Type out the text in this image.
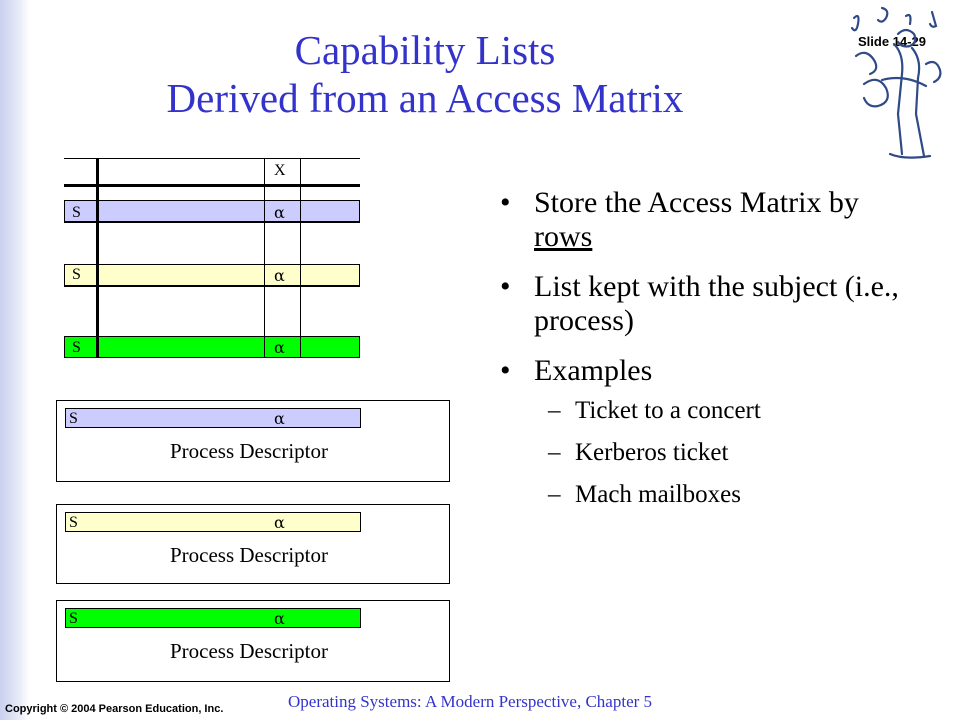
Slide 14-29
Capability Lists
Derived from an Access Matrix
X
S	α
S	α
S	α
S	α
Process Descriptor
S	α
Process Descriptor
S	α
Process Descriptor
• Store the Access Matrix by rows
• List kept with the subject (i.e., process)
• Examples
– Ticket to a concert
– Kerberos ticket
– Mach mailboxes
Copyright © 2004 Pearson Education, Inc.	Operating Systems: A Modern Perspective, Chapter 5
